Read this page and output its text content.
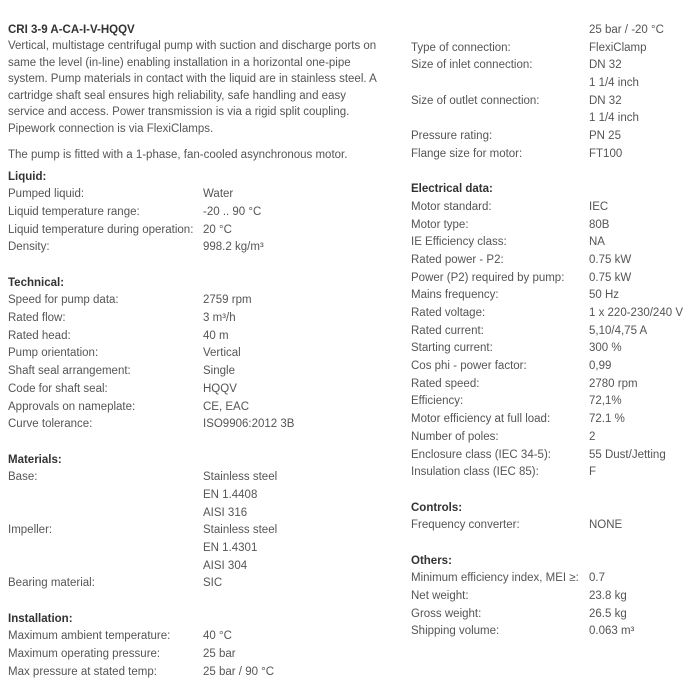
CRI 3-9 A-CA-I-V-HQQV
Vertical, multistage centrifugal pump with suction and discharge ports on same the level (in-line) enabling installation in a horizontal one-pipe system. Pump materials in contact with the liquid are in stainless steel. A cartridge shaft seal ensures high reliability, safe handling and easy service and access. Power transmission is via a rigid split coupling. Pipework connection is via FlexiClamps.
The pump is fitted with a 1-phase, fan-cooled asynchronous motor.
Liquid:
Pumped liquid:	Water
Liquid temperature range:	-20 .. 90 °C
Liquid temperature during operation: 20 °C
Density:	998.2 kg/m³
Technical:
Speed for pump data:	2759 rpm
Rated flow:	3 m³/h
Rated head:	40 m
Pump orientation:	Vertical
Shaft seal arrangement:	Single
Code for shaft seal:	HQQV
Approvals on nameplate:	CE, EAC
Curve tolerance:	ISO9906:2012 3B
Materials:
Base:	Stainless steel
EN 1.4408
AISI 316
Impeller:	Stainless steel
EN 1.4301
AISI 304
Bearing material:	SIC
Installation:
Maximum ambient temperature:	40 °C
Maximum operating pressure:	25 bar
Max pressure at stated temp:	25 bar / 90 °C
25 bar / -20 °C
Type of connection:	FlexiClamp
Size of inlet connection:	DN 32
1 1/4 inch
Size of outlet connection:	DN 32
1 1/4 inch
Pressure rating:	PN 25
Flange size for motor:	FT100
Electrical data:
Motor standard:	IEC
Motor type:	80B
IE Efficiency class:	NA
Rated power - P2:	0.75 kW
Power (P2) required by pump:	0.75 kW
Mains frequency:	50 Hz
Rated voltage:	1 x 220-230/240 V
Rated current:	5,10/4,75 A
Starting current:	300 %
Cos phi - power factor:	0,99
Rated speed:	2780 rpm
Efficiency:	72,1%
Motor efficiency at full load:	72.1 %
Number of poles:	2
Enclosure class (IEC 34-5):	55 Dust/Jetting
Insulation class (IEC 85):	F
Controls:
Frequency converter:	NONE
Others:
Minimum efficiency index, MEI ≥: 0.7
Net weight:	23.8 kg
Gross weight:	26.5 kg
Shipping volume:	0.063 m³
